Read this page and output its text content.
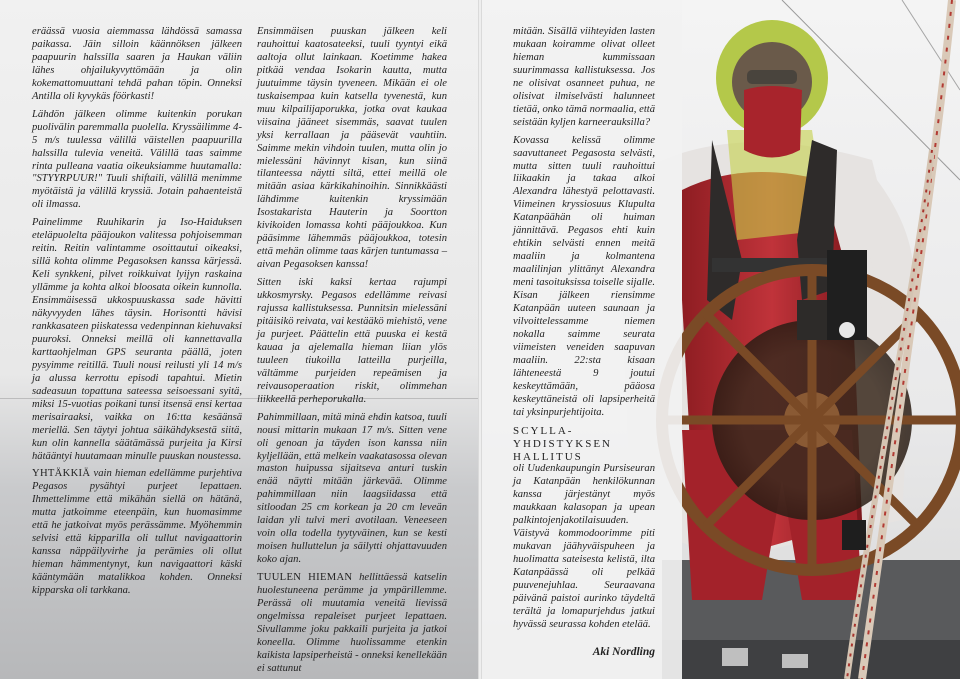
eräässä vuosia aiemmassa lähdössä samassa paikassa. Jäin silloin käännöksen jälkeen paapuurin halssilla saaren ja Haukan väliin lähes ohjailukyvyttömään ja olin kokemattomuuttani tehdä pahan töpin. Onneksi Antilla oli kyvykäs föörkasti!

Lähdön jälkeen olimme kuitenkin porukan puolivälin paremmalla puolella. Kryssäilimme 4-5 m/s tuulessa välillä väistellen paapuurilla halssilla tulevia veneitä. Välillä taas saimme rinta pulleana vaatia oikeuksiamme huutamalla: "STYYRPUUR!" Tuuli shiftaili, välillä menimme myötäistä ja välillä kryssiä. Jotain pahaenteistä oli ilmassa.

Painelimme Ruuhikarin ja Iso-Haiduksen eteläpuolelta pääjoukon valitessa pohjoisemman reitin. Reitin valintamme osoittautui oikeaksi, sillä kohta olimme Pegasoksen kanssa kärjessä. Keli synkkeni, pilvet roikkuivat lyijyn raskaina yllämme ja kohta alkoi bloosata oikein kunnolla. Ensimmäisessä ukkospuuskassa sade hävitti näkyvyyden lähes täysin. Horisontti hävisi rankkasateen piiskatessa vedenpinnan kiehuvaksi puuroksi. Onneksi meillä oli kannettavalla karttaohjelman GPS seuranta päällä, joten pysyimme reitillä. Tuuli nousi reilusti yli 14 m/s ja alussa kerrottu episodi tapahtui. Mietin sadeasuun topattuna sateessa seisoessani syitä, miksi 15-vuotias poikani tunsi itsensä ensi kertaa merisairaaksi, vaikka on 16:tta kesäänsä meriellä. Sen täytyi johtua säikähdyksestä siitä, kun olin kannella säätämässä purjeita ja Kirsi hätääntyi huutamaan minulle puuskan noustessa.

YHTÄKKIÄ vain hieman edellämme purjehtiva Pegasos pysähtyi purjeet lepattaen. Ihmettelimme että mikähän siellä on hätänä, mutta jatkoimme eteenpäin, kun huomasimme että he jatkoivat myös perässämme. Myöhemmin selvisi että kipparilla oli tullut navigaattorin kanssa näppäilyvirhe ja perämies oli ollut hieman hämmentynyt, kun navigaattori käski kääntymään matalikkoa kohden. Onneksi kipparska oli tarkkana.

Ensimmäisen puuskan jälkeen keli rauhoittui kaatosateeksi, tuuli tyyntyi eikä aaltoja ollut lainkaan. Koetimme hakea pitkää vendaa Isokarin kautta, mutta juutuimme täysin tyveneen. Mikään ei ole tuskaisempaa kuin katsella tyvenestä, kun muu kilpailijaporukka, jotka ovat kaukaa viisaina jääneet sisemmäs, saavat tuulen yksi kerrallaan ja pääsevät vauhtiin. Saimme mekin vihdoin tuulen, mutta olin jo mielessäni hävinnyt kisan, kun siinä tilanteessa näytti siltä, ettei meillä ole mitään asiaa kärkikahinoihin. Sinnikkäästi lähdimme kuitenkin kryssimään Isostakarista Hauterin ja Soortton kivikoiden lomassa kohti pääjoukkoa. Kun pääsimme lähemmäs pääjoukkoa, totesin että mehän olimme taas kärjen tuntumassa –aivan Pegasoksen kanssa!

Sitten iski kaksi kertaa rajumpi ukkosmyrsky. Pegasos edellämme reivasi rajussa kallistuksessa. Punnitsin mielessäni pitäisikö reivata, vai kestääkö miehistö, vene ja purjeet. Päättelin että puuska ei kestä kauaa ja ajelemalla hieman liian ylös tuuleen tiukoilla latteilla purjeilla, vältämme purjeiden repeämisen ja reivausoperaation riskit, olimmehan liikkeellä perheporukalla.

Pahimmillaan, mitä minä ehdin katsoa, tuuli nousi mittarin mukaan 17 m/s. Sitten vene oli genoan ja täyden ison kanssa niin kyljellään, että melkein vaakatasossa olevan maston huipussa sijaitseva anturi tuskin enää näytti mitään järkevää. Olimme pahimmillaan niin laagsiidassa että sitloodan 25 cm korkean ja 20 cm leveän laidan yli tulvi meri avotilaan. Veneeseen voin olla todella tyytyväinen, kun se kesti moisen hulluttelun ja säilytti ohjattavuuden koko ajan.

TUULEN HIEMAN hellittäessä katselin huolestuneena perämme ja ympärillemme. Perässä oli muutamia veneitä lievissä ongelmissa repaleiset purjeet lepattaen. Sivullamme joku pakkaili purjeita ja jatkoi koneella. Olimme huolissamme etenkin kaikista lapsiperheistä - onneksi kenellekään ei sattunut

mitään. Sisällä viihteyiden lasten mukaan koiramme olivat olleet hieman kummissaan suurimmassa kallistuksessa. Jos ne olisivat osanneet puhua, ne olisivat ilmiselvästi halunneet tietää, onko tämä normaalia, että seistään kyljen karneerauksilla?

Kovassa kelissä olimme saavuttaneet Pegasosta selvästi, mutta sitten tuuli rauhoittui liikaakin ja takaa alkoi Alexandra lähestyä pelottavasti. Viimeinen kryssiosuus Klupulta Katanpäähän oli huiman jännittävä. Pegasos ehti kuin ehtikin selvästi ennen meitä maaliin ja kolmantena maalilinjan ylittänyt Alexandra meni tasoituksissa toiselle sijalle. Kisan jälkeen riensimme Katanpään uuteen saunaan ja vilvoittelessamme niemen nokalla saimme seurata viimeisten veneiden saapuvan maaliin. 22:sta kisaan lähteneestä 9 joutui keskeyttämään, pääosa keskeyttäneistä oli lapsiperheitä tai yksinpurjehtijoita.

SCYLLA-YHDISTYKSEN HALLITUS
oli Uudenkaupungin Pursiseuran ja Katanpään henkilökunnan kanssa järjestänyt myös maukkaan kalasopan ja upean palkintojenjakotilaisuuden. Väistyvä kommodoorimme piti mukavan jäähyväispuheen ja huolimatta sateisesta kelistä, ilta Katanpäässä oli pelkää puuvenejuhlaa. Seuraavana päivänä paistoi aurinko täydeltä terältä ja lomapurjehdus jatkui hyvässä seurassa kohden etelää.

Aki Nordling
